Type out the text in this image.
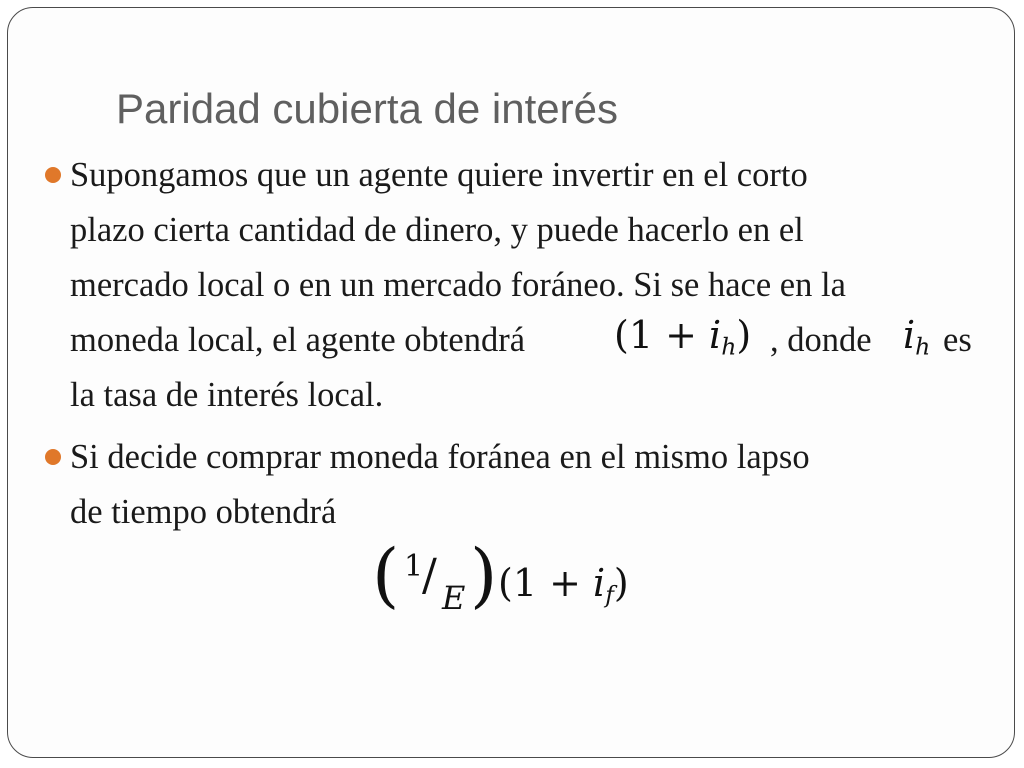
Paridad cubierta de interés
Supongamos que un agente quiere invertir en el corto
plazo cierta cantidad de dinero, y puede hacerlo en el
mercado local o en un mercado foráneo. Si se hace en la
moneda local, el agente obtendrá $(1 + i_h)$ , donde $i_h$ es
la tasa de interés local.
Si decide comprar moneda foránea en el mismo lapso
de tiempo obtendrá
( 1
/ E ) $(1 + i_f)$
